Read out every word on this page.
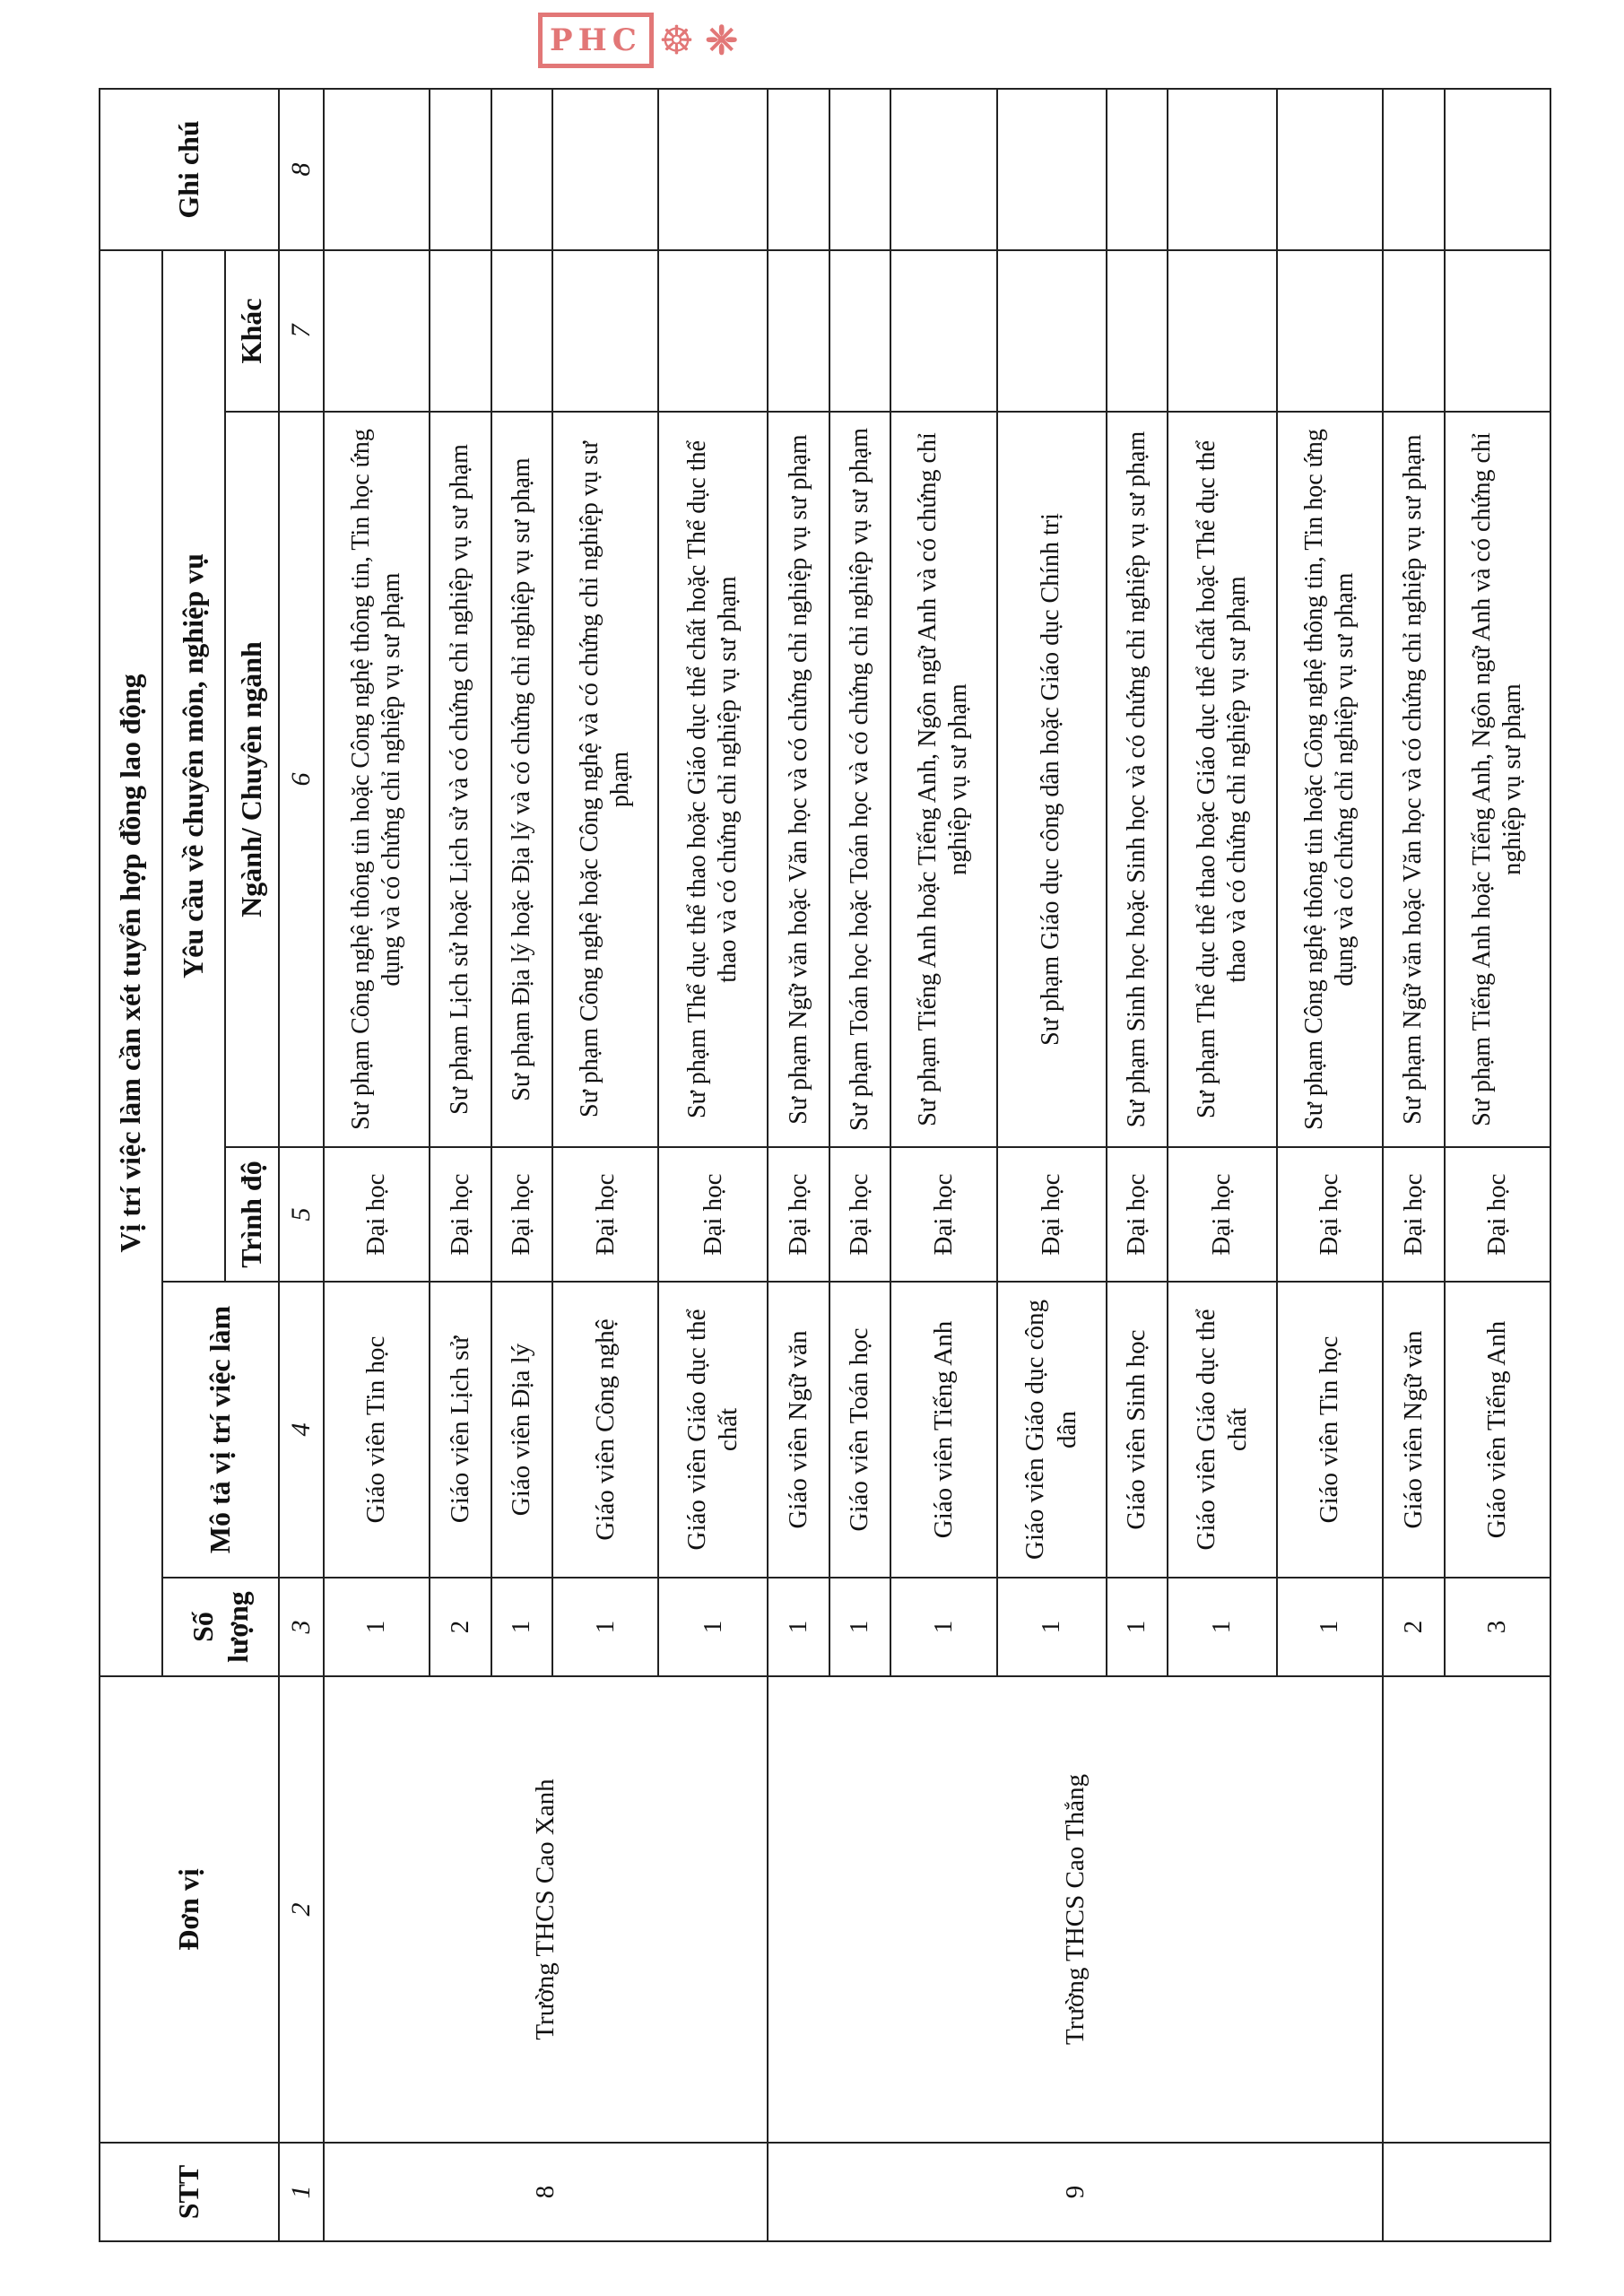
PHC ☸ ❈
STT	Đơn vị	Vị trí việc làm cần xét tuyển hợp đồng lao động					Ghi chú
		Số lượng	Mô tả vị trí việc làm	Yêu cầu về chuyên môn, nghiệp vụ			
				Trình độ	Ngành/ Chuyên ngành	Khác	
1	2	3	4	5	6	7	8
8	Trường THCS Cao Xanh	1	Giáo viên Tin học	Đại học	Sư phạm Công nghệ thông tin hoặc Công nghệ thông tin, Tin học ứng dụng và có chứng chỉ nghiệp vụ sư phạm		
		2	Giáo viên Lịch sử	Đại học	Sư phạm Lịch sử hoặc Lịch sử và có chứng chỉ nghiệp vụ sư phạm		
		1	Giáo viên Địa lý	Đại học	Sư phạm Địa lý hoặc Địa lý và có chứng chỉ nghiệp vụ sư phạm		
		1	Giáo viên Công nghệ	Đại học	Sư phạm Công nghệ hoặc Công nghệ và có chứng chỉ nghiệp vụ sư phạm		
		1	Giáo viên Giáo dục thể chất	Đại học	Sư phạm Thể dục thể thao hoặc Giáo dục thể chất hoặc Thể dục thể thao và có chứng chỉ nghiệp vụ sư phạm		
9	Trường THCS Cao Thắng	1	Giáo viên Ngữ văn	Đại học	Sư phạm Ngữ văn hoặc Văn học và có chứng chỉ nghiệp vụ sư phạm		
		1	Giáo viên Toán học	Đại học	Sư phạm Toán học hoặc Toán học và có chứng chỉ nghiệp vụ sư phạm		
		1	Giáo viên Tiếng Anh	Đại học	Sư phạm Tiếng Anh hoặc Tiếng Anh, Ngôn ngữ Anh và có chứng chỉ nghiệp vụ sư phạm		
		1	Giáo viên Giáo dục công dân	Đại học	Sư phạm Giáo dục công dân hoặc Giáo dục Chính trị		
		1	Giáo viên Sinh học	Đại học	Sư phạm Sinh học hoặc Sinh học và có chứng chỉ nghiệp vụ sư phạm		
		1	Giáo viên Giáo dục thể chất	Đại học	Sư phạm Thể dục thể thao hoặc Giáo dục thể chất hoặc Thể dục thể thao và có chứng chỉ nghiệp vụ sư phạm		
		1	Giáo viên Tin học	Đại học	Sư phạm Công nghệ thông tin hoặc Công nghệ thông tin, Tin học ứng dụng và có chứng chỉ nghiệp vụ sư phạm		
		2	Giáo viên Ngữ văn	Đại học	Sư phạm Ngữ văn hoặc Văn học và có chứng chỉ nghiệp vụ sư phạm		
		3	Giáo viên Tiếng Anh	Đại học	Sư phạm Tiếng Anh hoặc Tiếng Anh, Ngôn ngữ Anh và có chứng chỉ nghiệp vụ sư phạm		
